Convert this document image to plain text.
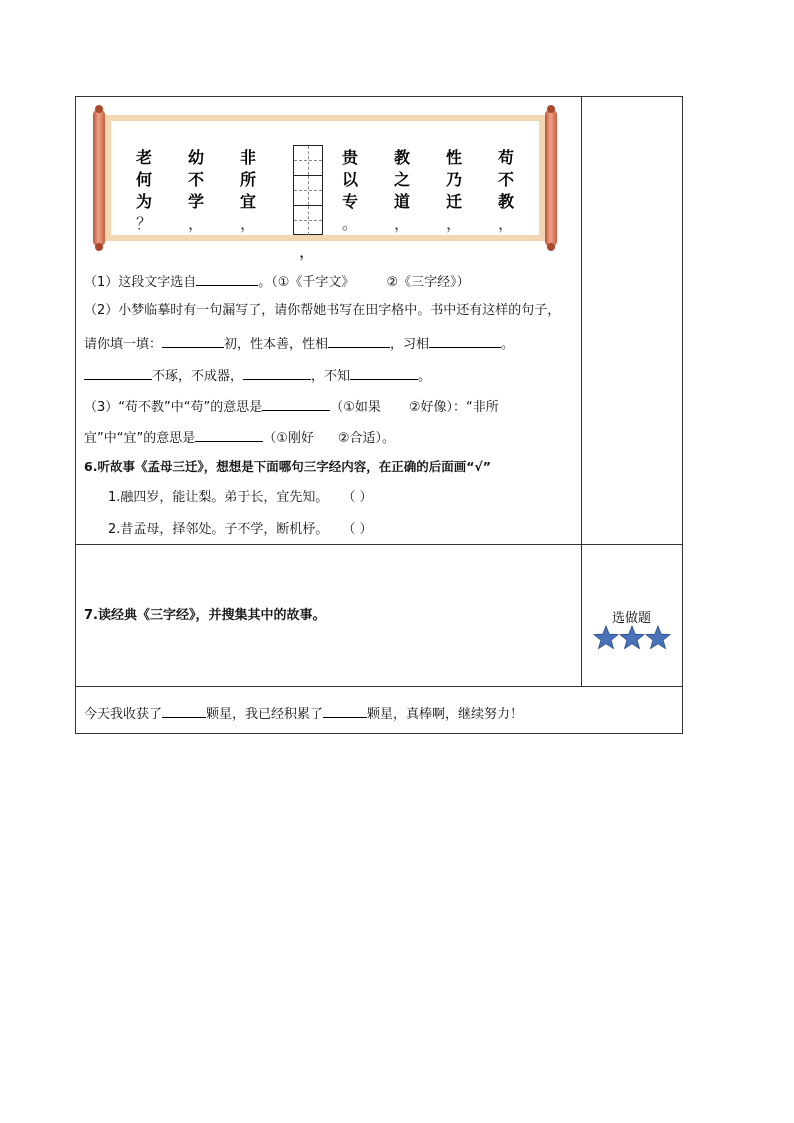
老
何
为
？
幼
不
学
，
非
所
宜
，
，
贵
以
专
。
教
之
道
，
性
乃
迁
，
苟
不
教
，
（1）这段文字选自	。（①《千字文》 ②《三字经》）
（2）小梦临摹时有一句漏写了，请你帮她书写在田字格中。书中还有这样的句子，
请你填一填：	初，性本善，性相	，习相	。
不琢，不成器，	，不知	。
（3）“苟不教”中“苟”的意思是	（①如果 ②好像）：“非所
宜”中“宜”的意思是	（①刚好 ②合适）。
6.听故事《孟母三迁》，想想是下面哪句三字经内容，在正确的后面画“√”
1.融四岁，能让梨。弟于长，宜先知。 （ ）
2.昔孟母，择邻处。子不学，断机杼。 （ ）
7.读经典《三字经》，并搜集其中的故事。	选做题
今天我收获了	颗星，我已经积累了	颗星，真棒啊，继续努力！
